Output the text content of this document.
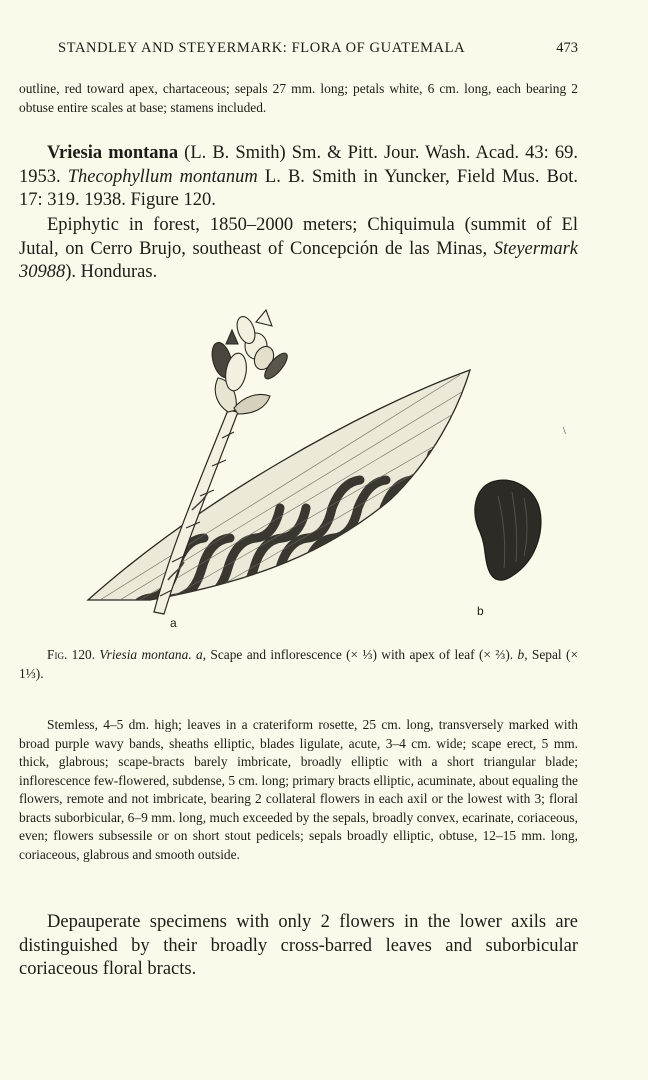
STANDLEY AND STEYERMARK: FLORA OF GUATEMALA	473

outline, red toward apex, chartaceous; sepals 27 mm. long; petals white, 6 cm. long, each bearing 2 obtuse entire scales at base; stamens included.

Vriesia montana (L. B. Smith) Sm. & Pitt. Jour. Wash. Acad. 43: 69. 1953. Thecophyllum montanum L. B. Smith in Yuncker, Field Mus. Bot. 17: 319. 1938. Figure 120.

Epiphytic in forest, 1850–2000 meters; Chiquimula (summit of El Jutal, on Cerro Brujo, southeast of Concepción de las Minas, Steyermark 30988). Honduras.

a
b
\

Fig. 120. Vriesia montana. a, Scape and inflorescence (× ⅓) with apex of leaf (× ⅔). b, Sepal (× 1⅓).

Stemless, 4–5 dm. high; leaves in a crateriform rosette, 25 cm. long, transversely marked with broad purple wavy bands, sheaths elliptic, blades ligulate, acute, 3–4 cm. wide; scape erect, 5 mm. thick, glabrous; scape-bracts barely imbricate, broadly elliptic with a short triangular blade; inflorescence few-flowered, subdense, 5 cm. long; primary bracts elliptic, acuminate, about equaling the flowers, remote and not imbricate, bearing 2 collateral flowers in each axil or the lowest with 3; floral bracts suborbicular, 6–9 mm. long, much exceeded by the sepals, broadly convex, ecarinate, coriaceous, even; flowers subsessile or on short stout pedicels; sepals broadly elliptic, obtuse, 12–15 mm. long, coriaceous, glabrous and smooth outside.

Depauperate specimens with only 2 flowers in the lower axils are distinguished by their broadly cross-barred leaves and suborbicular coriaceous floral bracts.
